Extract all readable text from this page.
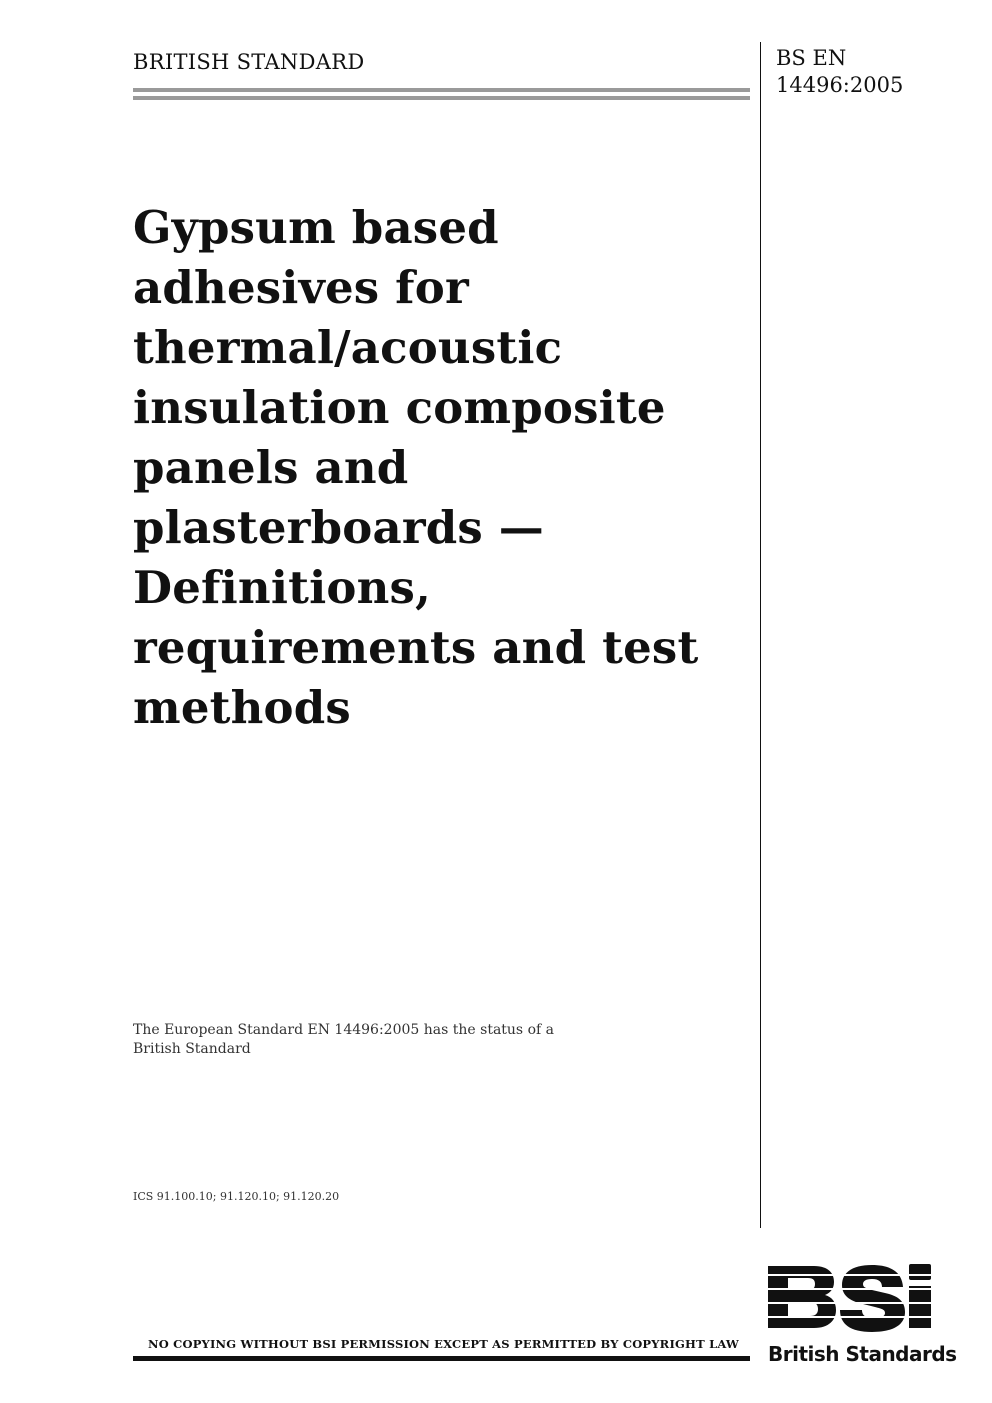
BRITISH STANDARD	BS EN
14496:2005
Gypsum based
adhesives for
thermal/acoustic
insulation composite
panels and
plasterboards —
Definitions,
requirements and test
methods
The European Standard EN 14496:2005 has the status of a
British Standard
ICS 91.100.10; 91.120.10; 91.120.20
NO COPYING WITHOUT BSI PERMISSION EXCEPT AS PERMITTED BY COPYRIGHT LAW British Standards
